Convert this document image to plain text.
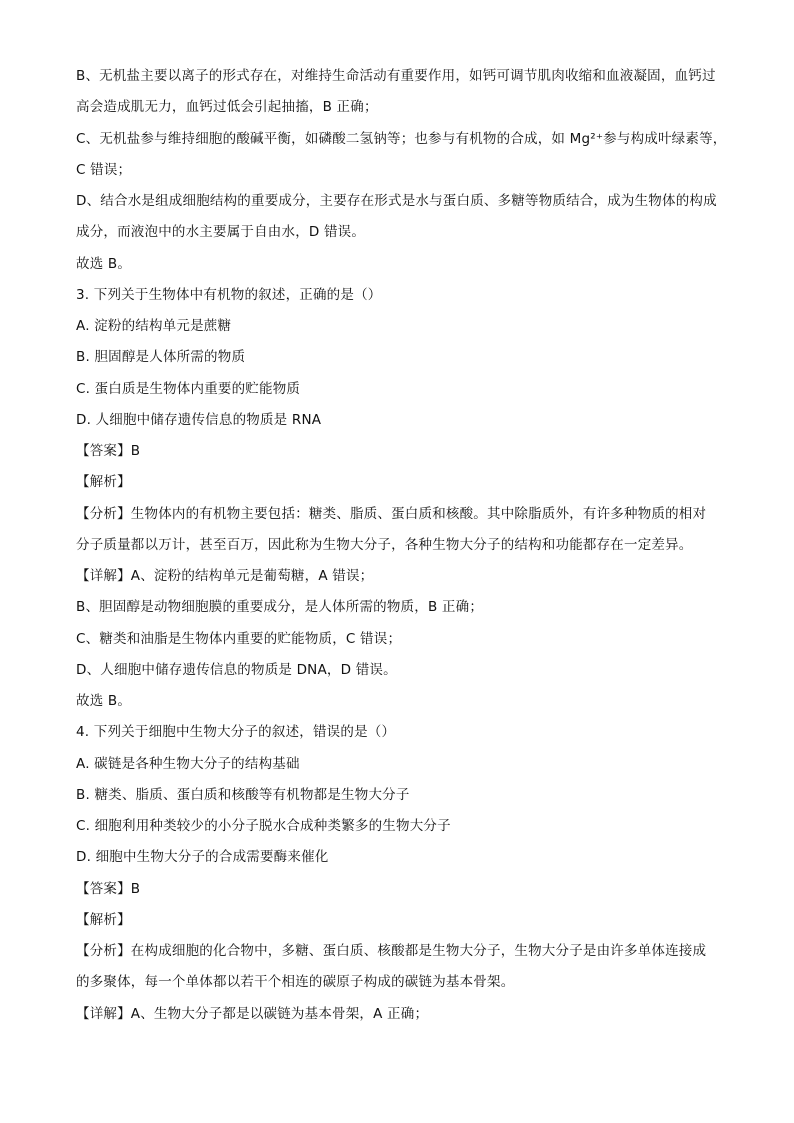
B、无机盐主要以离子的形式存在，对维持生命活动有重要作用，如钙可调节肌肉收缩和血液凝固，血钙过

高会造成肌无力，血钙过低会引起抽搐，B 正确；

C、无机盐参与维持细胞的酸碱平衡，如磷酸二氢钠等；也参与有机物的合成，如 Mg²⁺参与构成叶绿素等，

C 错误；

D、结合水是组成细胞结构的重要成分，主要存在形式是水与蛋白质、多糖等物质结合，成为生物体的构成

成分，而液泡中的水主要属于自由水，D 错误。

故选 B。

3. 下列关于生物体中有机物的叙述，正确的是（）

A. 淀粉的结构单元是蔗糖

B. 胆固醇是人体所需的物质

C. 蛋白质是生物体内重要的贮能物质

D. 人细胞中储存遗传信息的物质是 RNA

【答案】B

【解析】

【分析】生物体内的有机物主要包括：糖类、脂质、蛋白质和核酸。其中除脂质外，有许多种物质的相对

分子质量都以万计，甚至百万，因此称为生物大分子，各种生物大分子的结构和功能都存在一定差异。

【详解】A、淀粉的结构单元是葡萄糖，A 错误；

B、胆固醇是动物细胞膜的重要成分，是人体所需的物质，B 正确；

C、糖类和油脂是生物体内重要的贮能物质，C 错误；

D、人细胞中储存遗传信息的物质是 DNA，D 错误。

故选 B。

4. 下列关于细胞中生物大分子的叙述，错误的是（）

A. 碳链是各种生物大分子的结构基础

B. 糖类、脂质、蛋白质和核酸等有机物都是生物大分子

C. 细胞利用种类较少的小分子脱水合成种类繁多的生物大分子

D. 细胞中生物大分子的合成需要酶来催化

【答案】B

【解析】

【分析】在构成细胞的化合物中，多糖、蛋白质、核酸都是生物大分子，生物大分子是由许多单体连接成

的多聚体，每一个单体都以若干个相连的碳原子构成的碳链为基本骨架。

【详解】A、生物大分子都是以碳链为基本骨架，A 正确；
